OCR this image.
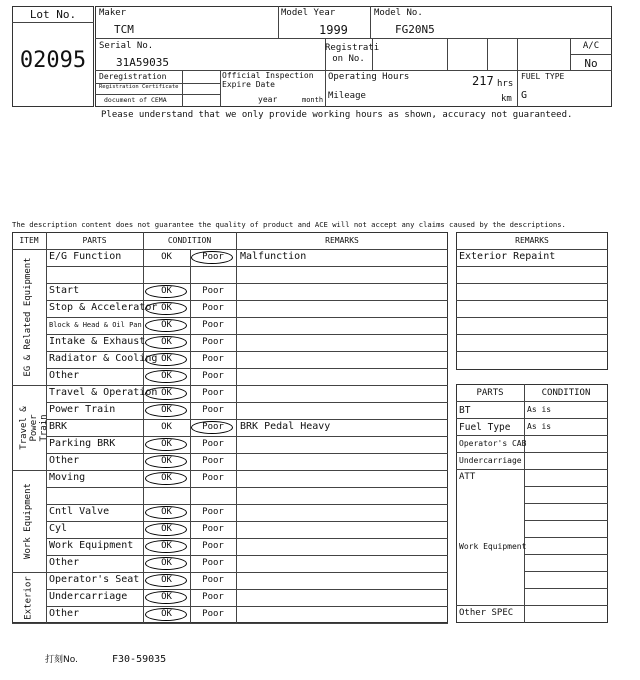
Lot No.
02095
Maker
TCM
Model Year
1999
Model No.
FG20N5
Serial No.
31A59035
Registrati
on No.
A/C
No
Deregistration
Registration Certificate
document of CEMA
Official Inspection
Expire Date
year	month
Operating Hours	217 hrs
Mileage	km
FUEL TYPE
G
Please understand that we only provide working hours as shown, accuracy not guaranteed.
The description content does not guarantee the quality of product and ACE will not accept any claims caused by the descriptions.
ITEM	PARTS	CONDITION	REMARKS
E/G Function	OK	Poor	Malfunction
Start	OK	Poor
Stop & Accelerator OK	Poor
Block & Head & Oil Pan	OK	Poor
Intake & Exhaust	OK	Poor
Radiator & Cooling OK	Poor
Other	OK	Poor
EG & Related Equipment
Travel & Operation OK	Poor
Power Train	OK	Poor
BRK	OK	Poor	BRK Pedal Heavy
Parking BRK	OK	Poor
Other	OK	Poor
Travel & Power Train
Moving	OK	Poor
Cntl Valve	OK	Poor
Cyl	OK	Poor
Work Equipment	OK	Poor
Other	OK	Poor
Work Equipment
Operator's Seat	OK	Poor
Undercarriage	OK	Poor
Other	OK	Poor
Exterior
REMARKS
Exterior Repaint
PARTS	CONDITION
BT	As is
Fuel Type As is
Operator's CAB
Undercarriage
ATT
Work Equipment
Other SPEC
打刻No.	F30-59035
